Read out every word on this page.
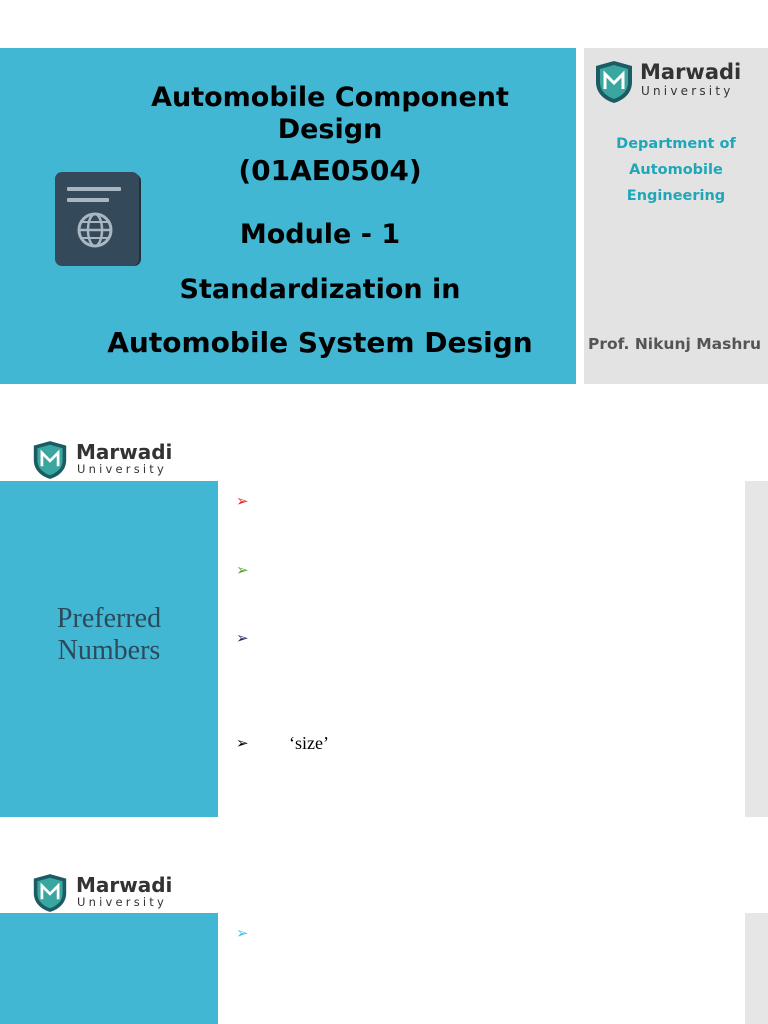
Automobile Component
Design
(01AE0504)
Module - 1
Standardization in
Automobile System Design
Marwadi
University
Department of
Automobile
Engineering
Prof. Nikunj Mashru
Marwadi
University
Preferred
Numbers
➢
➢
➢
➢ ‘size’
Marwadi
University
➢
